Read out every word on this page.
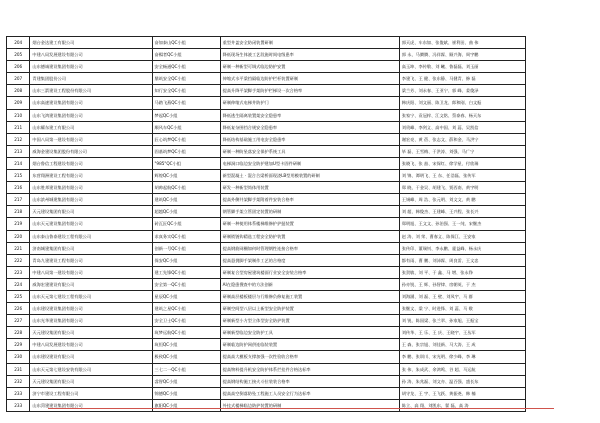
204	烟台金达建工有限公司	奋如泰山QC小组	重型井盖安全防闭装置研制	郭天虎、车东如、张俊斌、崔利田、曲 伟
205	中建八局发展建设有限公司	奋楫者QC小组	降低现场生体液工艺段施时间电级患率	郭 永、马腾腾、冯祥霖、顾兴海、周宇鹏
206	山东德诚建设集团有限公司	安全畅通QC小组	研制一种新型可调式临边防护安置	高玉坤、李传敬、刘 曦、鲁磊磊、刘玉丽
207	青建集团股份公司	鼎筑安全QC小组	伸缩式水平梁挡隔临边防护栏杆装置研制	李建飞、王 健、张东静、马健青、修 磊
208	山东三箭建设工程股份有限公司	知行安全QC小组	提高升降平架脚手架防护栏梯设一次合格率	梁兰芳、刘永春、王亚宁、郭 峰、姜俊泽
209	山东高速建设集团有限公司	马踏飞燕QC小组	研制伸缩式电梯井防护门	韩庆阳、刘文丽、陈卫龙、郎和刚、白文振
210	山东飞鸿建设集团有限公司	梦起QC小组	降低逃生隔离装置架安全隐患率	张家宁、袁冠梓、江文铭、蔡泰春、杨天东
211	山东耀东建工有限公司	顺风车QC小组	降低复杂围挡合规安全隐患率	刘贵峰、李剑义、高中国、刘 蕊、吴凯信
212	中国八局第一建设有限公司	匠心筑梦QC小组	降低结构基础施工用电安全隐患率	谢宏亮、黄 蓓、张志文、薛和金、马洪宁
213	威海金建设集团股份有限公司	固基筑梦QC小组	研制一种防坠落安全保护系统工具	毕 磊、王雪梅、于洪涛、刘强、马广宁
214	烟台鲁信工程建设有限公司	"985"QC小组	电梯洞口临边安全防护建加U型卡固件研制	张晓飞、张 喆、宋保红、徐学星、付欣瑞
215	东营翔洲建设工程有限公司	辉煌QC小组	新型混凝土 · 混合合梁桥面现浇LB型用模装置的研制	刘 锦、谭明飞、王 东、任浩磊、张传军
216	山东胜邦建设集团有限公司	胡帅起航QC小组	研发一种新型筒体用装置	郑 晓、于金吴、胡建飞、贾西南、黄宇明
217	山东滨州城建集团有限公司	建筑QC小组	提高外侧井架脚手架附着件安装合格率	王锡峰、周 浩、张元明、刘文文、黄 鹏
218	天元建设集团有限公司	超越QC小组	钢管脚手架立管固定装置的研制	刘 超、韩俊杰、王建峰、王兴程、张长兴
219	山东天元建设集团有限公司	砖瓦匠QC小组	研制一种使用体系楼梯维修护护挺装置	郑明旭、王文文、孙治强、王一纯、宋继杰
220	山东泰山鲁泰建设工程有限公司	求真务实QC小组	研制锁链钩精选工程安全防护装置	赵 涛、刘 荣、曹春义、陈保江、王安家
221	济南城建集团有限公司	创新一号QC小组	提高钢筋网栅如何时管理钢性连接合格率	张传印、董瑞钊、李永鹏、霍益峰、杨永庆
222	青岛九建建设工程有限公司	保安QC小组	提高悬挑脚手架制作工艺的合格度	都有雨、曹 鹏、刘沛霖、周良雷、王文忠
223	中建八局第一建设有限公司	建工先锋QC小组	研制复合型房屋建筑楼面行业安全安装合格率	张贺敏、刘 平、于 鑫、马 增、张永铮
224	威海宏建建设有限公司	安全第一QC小组	AI在隐患搜查中的方法创新	孙亦锐、王 辉、孙智律、房朝英、于 杰
225	山东天元第七建设工程有限公司	星辰QC小组	研制高层楼板楼层与行维修负修复施工装置	刘海涵、刘 磊、王 壁、刘凤宇、马 群
226	山东建设建设集团有限公司	建筑之星QC小组	研制空间型八层以上新型安全防护装置	张继文、梁 宁、时进锋、刘 蕊、马 敬
227	山东光华建设集团有限公司	安全卫士QC小组	研制新型小方型立体型安全防护装置	刘 锐、陈国梁、张兰翠、孙家旭、王振宝
228	天元建设集团有限公司	筑梦远航QC小组	研制新型临边安全防护工具	刘传华、王 乐、王 庆、王晓宇、王丛军
229	中建八局发展建设有限公司	筑恒QC小组	研制临边防护网供连临装装置	王 森、张宗旭、刘佳新、马大涛、王 成
230	山东建设建设有限公司	极致QC小组	提高高大模板支撑加强一次性验收合格率	李 鹏、张训川、宋光明、徐少峰、李 琳
231	山东天元第七建设安装有限公司	三七二一QC小组	提高物料提升机安全防护体系拦挂件合格达标率	张 伟、朱成武、余鸿鸣、谷 超、马运航
232	天元建设集团有限公司	睿智QC小组	提高钢结构施工接火斗拉装装合格率	孙 涛、朱兆磊、刘文亦、温百强、盛长东
233	济宁市建设工程有限公司	锦德QC小组	提高高空倒落防坠工程施工人员安全行为达标率	胡守龙、王 宇、王飞跃、黄振尧、韩 楠
233	山东菏建建设集团有限公司	旗阳QC小组	外挂式楼梯临边防护装置的研制	陈立、高 翔、刘凯东、翟 磊、高 涛
